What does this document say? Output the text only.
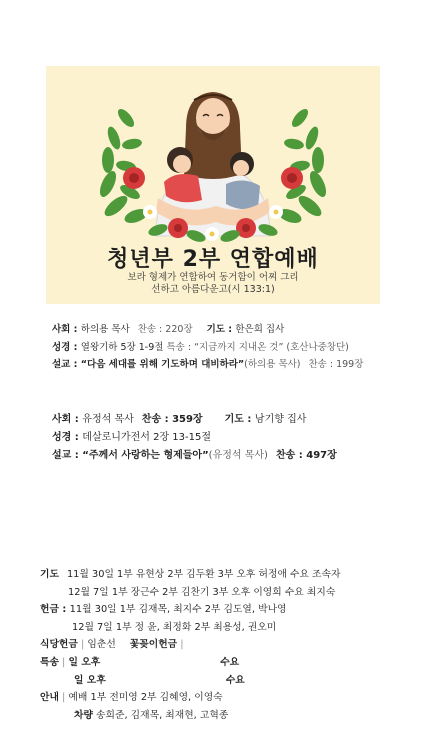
청년부 2부 연합예배
보라 형제가 연합하여 동거함이 어찌 그리
선하고 아름다운고(시 133:1)
사회 : 하의용 목사 찬송 : 220장 기도 : 한은희 집사
성경 : 열왕기하 5장 1-9절 특송 : “지금까지 지내온 것” (호산나중창단)
설교 : “다음 세대를 위해 기도하며 대비하라”(하의용 목사) 찬송 : 199장
사회 : 유정석 목사 찬송 : 359장 기도 : 남기향 집사
성경 : 데살로니가전서 2장 13-15절
설교 : “주께서 사랑하는 형제들아”(유정석 목사) 찬송 : 497장
기도 11월 30일 1부 유현상 2부 김두환 3부 오후 허정애 수요 조속자
12월 7일 1부 장근수 2부 김찬기 3부 오후 이영희 수요 최지숙
헌금 : 11월 30일 1부 김재목, 최지수 2부 김도열, 박나영
12월 7일 1부 정 윤, 최정화 2부 최용성, 권오미
식당헌금 | 임춘선 꽃꽂이헌금 |
특송 | 일 오후	수요
일 오후	수요
안내 | 예배 1부 전미영 2부 김혜영, 이영숙
차량 송희준, 김재목, 최재현, 고혁종
